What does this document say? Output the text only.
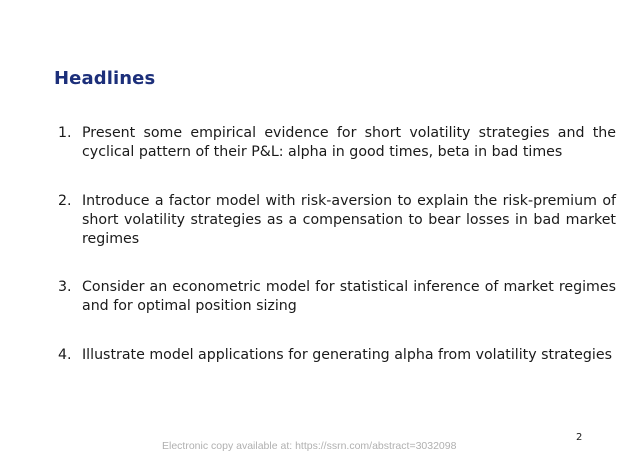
Headlines
1. Present some empirical evidence for short volatility strategies and the cyclical pattern of their P&L: alpha in good times, beta in bad times
2. Introduce a factor model with risk-aversion to explain the risk-premium of short volatility strategies as a compensation to bear losses in bad market regimes
3. Consider an econometric model for statistical inference of market regimes and for optimal position sizing
4. Illustrate model applications for generating alpha from volatility strategies
Electronic copy available at: https://ssrn.com/abstract=3032098
2
